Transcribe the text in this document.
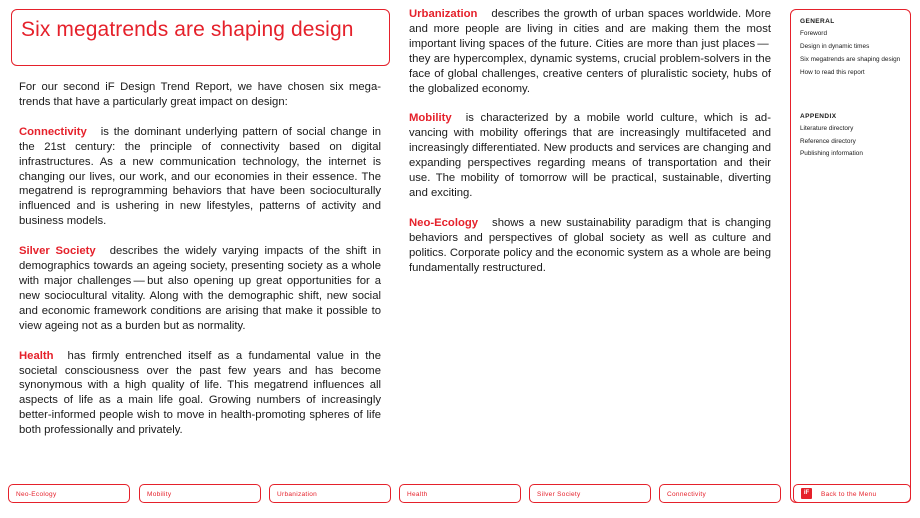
Six megatrends are shaping design

For our second iF Design Trend Report, we have chosen six megatrends that have a particularly great impact on design:

Connectivity is the dominant underlying pattern of social change in the 21st century: the principle of connectivity based on digital infrastructures. As a new communication technology, the internet is changing our lives, our work, and our economies in their essence. The megatrend is reprogramming behaviors that have been socioculturally influenced and is ushering in new lifestyles, patterns of activity and business models.

Silver Society describes the widely varying impacts of the shift in demographics towards an ageing society, presenting society as a whole with major challenges — but also opening up great opportunities for a new sociocultural vitality. Along with the demographic shift, new social and economic framework conditions are arising that make it possible to view ageing not as a burden but as normality.

Health has firmly entrenched itself as a fundamental value in the societal consciousness over the past few years and has become synonymous with a high quality of life. This megatrend influences all aspects of life as a main life goal. Growing numbers of increasingly better-informed people wish to move in health-promoting spheres of life both professionally and privately.

Urbanization describes the growth of urban spaces worldwide. More and more people are living in cities and are making them the most important living spaces of the future. Cities are more than just places — they are hypercomplex, dynamic systems, crucial problem-solvers in the face of global challenges, creative centers of pluralistic society, hubs of the globalized economy.

Mobility is characterized by a mobile world culture, which is advancing with mobility offerings that are increasingly multifaceted and increasingly differentiated. New products and services are changing and expanding perspectives regarding means of transportation and their use. The mobility of tomorrow will be practical, sustainable, diverting and exciting.

Neo-Ecology shows a new sustainability paradigm that is changing behaviors and perspectives of global society as well as culture and politics. Corporate policy and the economic system as a whole are being fundamentally restructured.

GENERAL
Foreword
Design in dynamic times
Six megatrends are shaping design
How to read this report
APPENDIX
Literature directory
Reference directory
Publishing information
Neo-Ecology	Mobility	Urbanization	Health	Silver Society	Connectivity	iF	Back to the Menu
